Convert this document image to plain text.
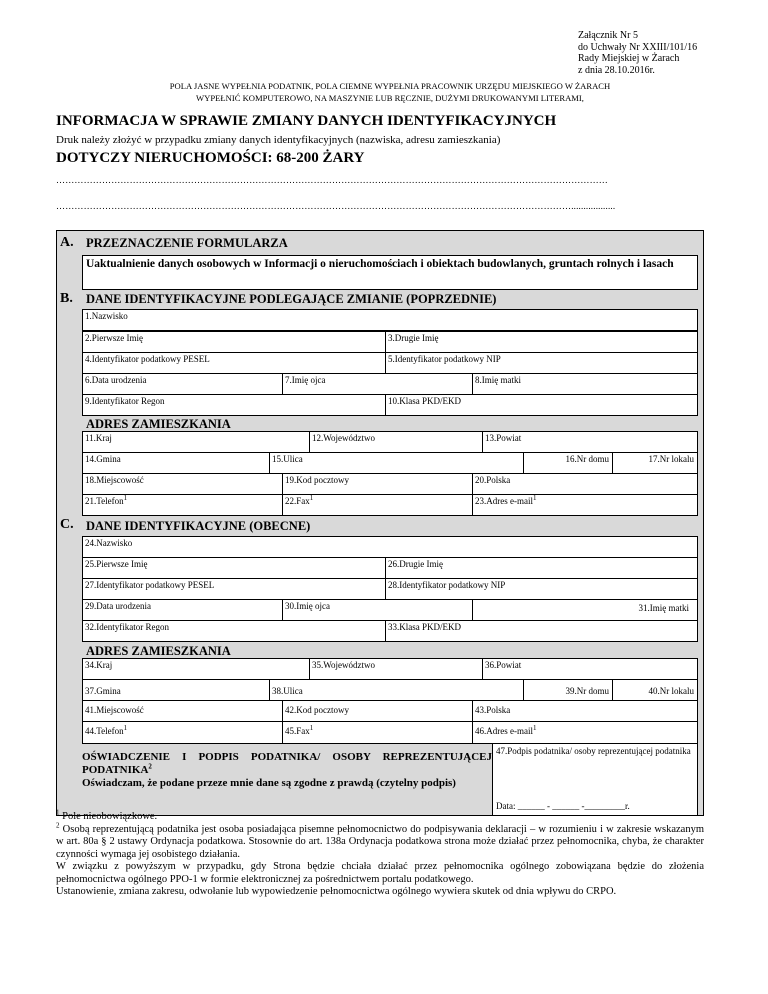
Załącznik Nr 5
do Uchwały Nr XXIII/101/16
Rady Miejskiej w Żarach
z dnia 28.10.2016r.
POLA JASNE WYPEŁNIA PODATNIK, POLA CIEMNE WYPEŁNIA PRACOWNIK URZĘDU MIEJSKIEGO W ŻARACH
WYPEŁNIĆ KOMPUTEROWO, NA MASZYNIE LUB RĘCZNIE, DUŻYMI DRUKOWANYMI LITERAMI,
INFORMACJA W SPRAWIE ZMIANY DANYCH IDENTYFIKACYJNYCH
Druk należy złożyć w przypadku zmiany danych identyfikacyjnych (nazwiska, adresu zamieszkania)
DOTYCZY NIERUCHOMOŚCI: 68-200 ŻARY
………………………………………………………………………………………………………………………………………………………………
……………………………………………………………………………………………………………………………………………………..................
A. PRZEZNACZENIE FORMULARZA
Uaktualnienie danych osobowych w Informacji o nieruchomościach i obiektach budowlanych, gruntach rolnych i lasach
B. DANE IDENTYFIKACYJNE PODLEGAJĄCE ZMIANIE (POPRZEDNIE)
1.Nazwisko
2.Pierwsze Imię	3.Drugie Imię
4.Identyfikator podatkowy PESEL	5.Identyfikator podatkowy NIP
6.Data urodzenia	7.Imię ojca	8.Imię matki
9.Identyfikator Regon	10.Klasa PKD/EKD
ADRES ZAMIESZKANIA
11.Kraj	12.Województwo	13.Powiat
14.Gmina	15.Ulica	16.Nr domu	17.Nr lokalu
18.Miejscowość	19.Kod pocztowy	20.Polska
21.Telefon$^1$	22.Fax$^1$	23.Adres e-mail$^1$
C. DANE IDENTYFIKACYJNE (OBECNE)
24.Nazwisko
25.Pierwsze Imię	26.Drugie Imię
27.Identyfikator podatkowy PESEL	28.Identyfikator podatkowy NIP
29.Data urodzenia	30.Imię ojca	31.Imię matki
32.Identyfikator Regon	33.Klasa PKD/EKD
ADRES ZAMIESZKANIA
34.Kraj	35.Województwo	36.Powiat
37.Gmina	38.Ulica	39.Nr domu	40.Nr lokalu
41.Miejscowość	42.Kod pocztowy	43.Polska
44.Telefon$^1$	45.Fax$^1$	46.Adres e-mail$^1$
OŚWIADCZENIE I PODPIS PODATNIKA/ OSOBY REPREZENTUJĄCEJ PODATNIKA$^2$
Oświadczam, że podane przeze mnie dane są zgodne z prawdą (czytelny podpis)
47.Podpis podatnika/ osoby reprezentującej podatnika
Data: ______ - ______ -_________r.

$^1$ Pole nieobowiązkowe.

$^2$ Osobą reprezentującą podatnika jest osoba posiadająca pisemne pełnomocnictwo do podpisywania deklaracji – w rozumieniu i w zakresie wskazanym w art. 80a § 2 ustawy Ordynacja podatkowa. Stosownie do art. 138a Ordynacja podatkowa strona może działać przez pełnomocnika, chyba, że charakter czynności wymaga jej osobistego działania.

W związku z powyższym w przypadku, gdy Strona będzie chciała działać przez pełnomocnika ogólnego zobowiązana będzie do złożenia pełnomocnictwa ogólnego PPO-1 w formie elektronicznej za pośrednictwem portalu podatkowego.

Ustanowienie, zmiana zakresu, odwołanie lub wypowiedzenie pełnomocnictwa ogólnego wywiera skutek od dnia wpływu do CRPO.
